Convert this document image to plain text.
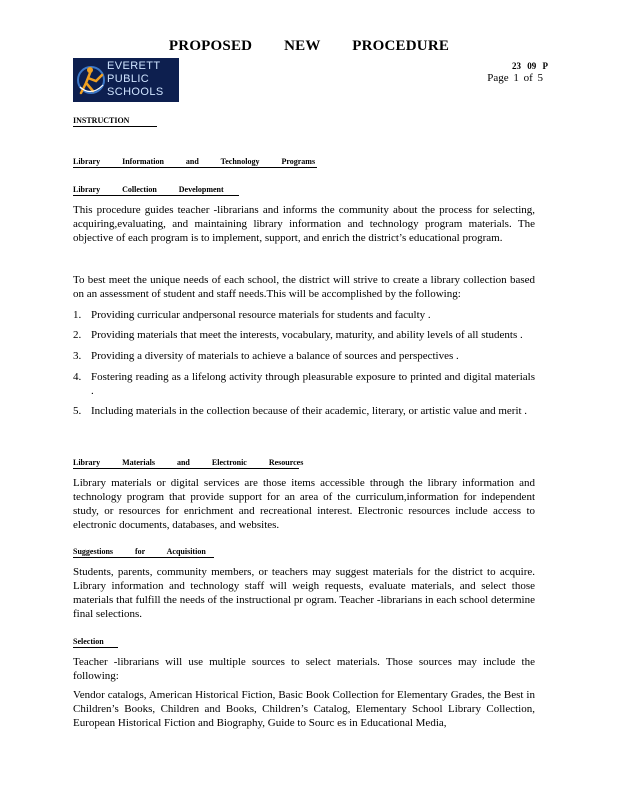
PROPOSED NEW PROCEDURE
EVERETT
PUBLIC
SCHOOLS
23 09 P
Page 1 of 5
INSTRUCTION
Library Information and Technology Programs
Library Collection Development

This procedure guides teacher -librarians and informs the community about the process for selecting, acquiring,evaluating, and maintaining library information and technology program materials. The objective of each program is to implement, support, and enrich the district’s educational program.

To best meet the unique needs of each school, the district will strive to create a library collection based on an assessment of student and staff needs.This will be accomplished by the following:

1. Providing curricular andpersonal resource materials for students and faculty .
2. Providing materials that meet the interests, vocabulary, maturity, and ability levels of all students .
3. Providing a diversity of materials to achieve a balance of sources and perspectives .
4. Fostering reading as a lifelong activity through pleasurable exposure to printed and digital materials .
5. Including materials in the collection because of their academic, literary, or artistic value and merit .
Library Materials and Electronic Resources

Library materials or digital services are those items accessible through the library information and technology program that provide support for an area of the curriculum,information for independent study, or resources for enrichment and recreational interest. Electronic resources include access to electronic documents, databases, and websites.

Suggestions for Acquisition

Students, parents, community members, or teachers may suggest materials for the district to acquire. Library information and technology staff will weigh requests, evaluate materials, and select those materials that fulfill the needs of the instructional pr ogram. Teacher -librarians in each school determine final selections.

Selection

Teacher -librarians will use multiple sources to select materials. Those sources may include the following:

Vendor catalogs, American Historical Fiction, Basic Book Collection for Elementary Grades, the Best in Children’s Books, Children and Books, Children’s Catalog, Elementary School Library Collection, European Historical Fiction and Biography, Guide to Sourc es in Educational Media,
